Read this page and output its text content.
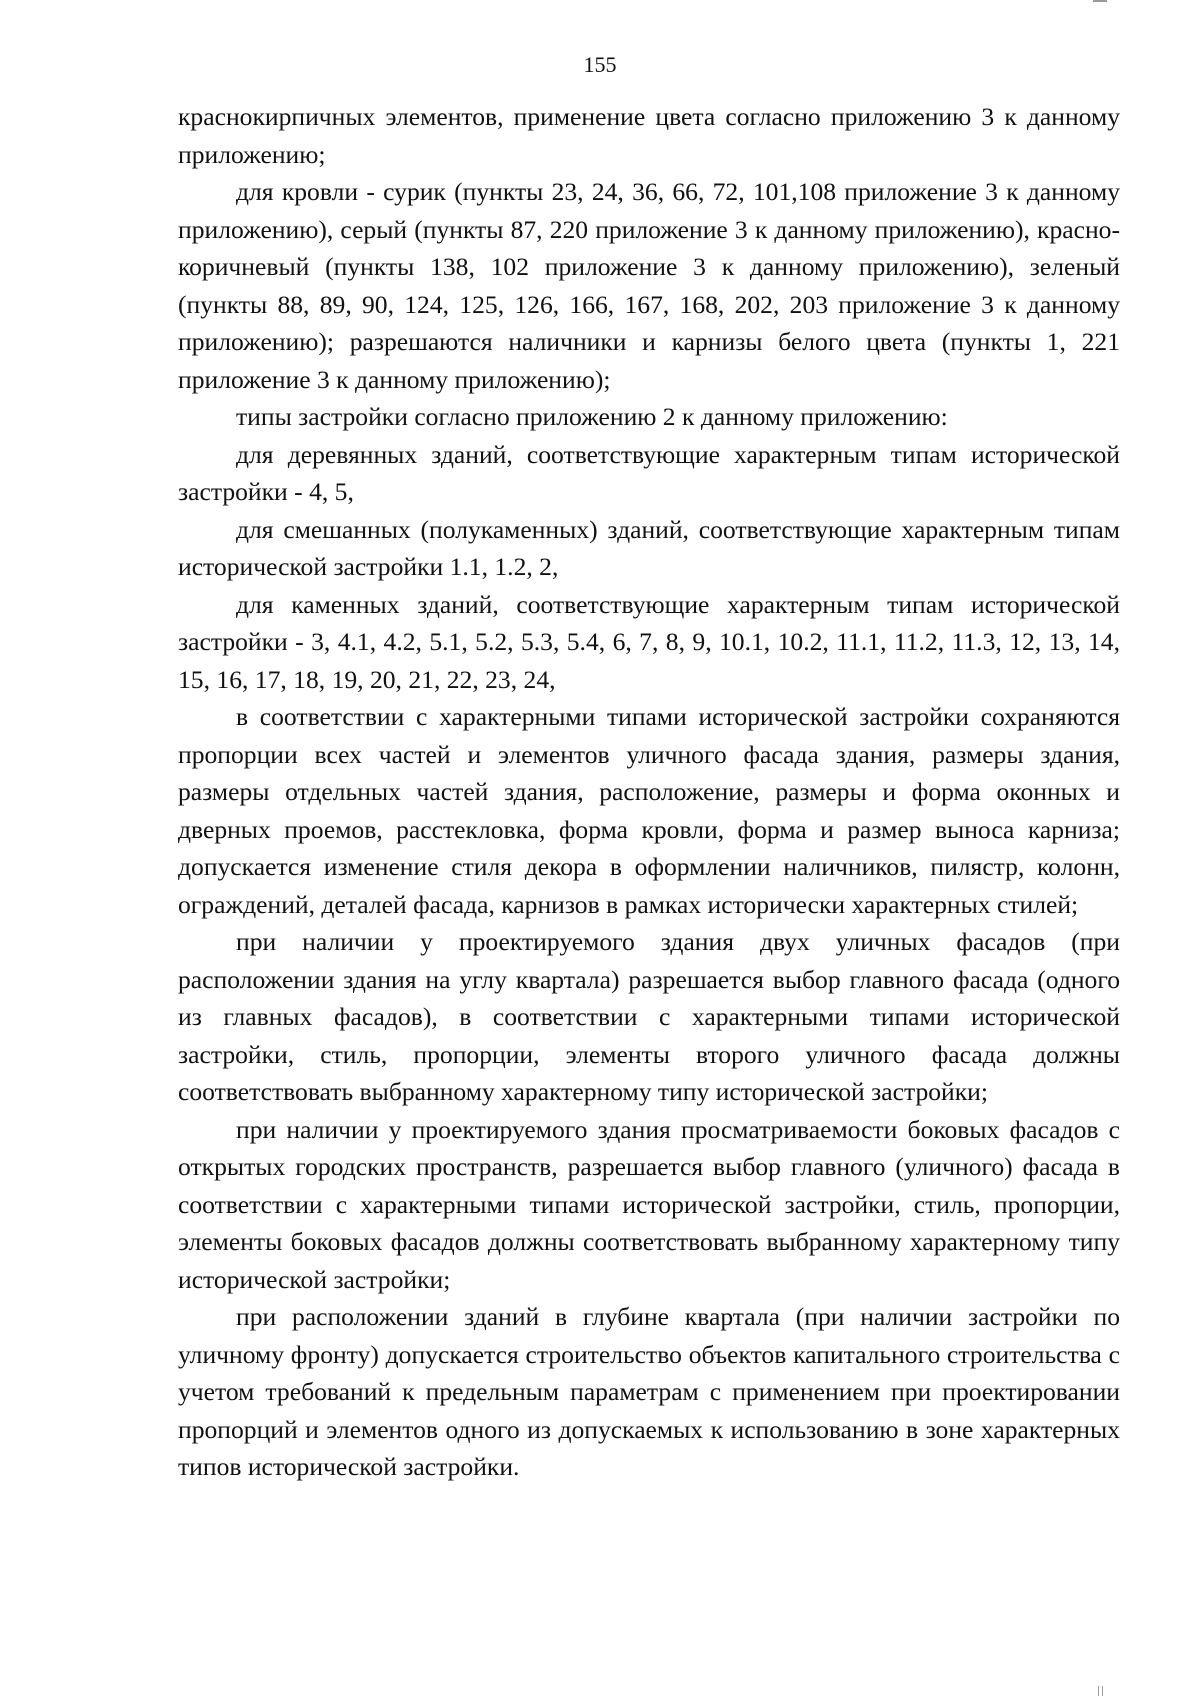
155

краснокирпичных элементов, применение цвета согласно приложению 3 к данному приложению;

для кровли - сурик (пункты 23, 24, 36, 66, 72, 101,108 приложение 3 к данному приложению), серый (пункты 87, 220 приложение 3 к данному приложению), красно-коричневый (пункты 138, 102 приложение 3 к данному приложению), зеленый (пункты 88, 89, 90, 124, 125, 126, 166, 167, 168, 202, 203 приложение 3 к данному приложению); разрешаются наличники и карнизы белого цвета (пункты 1, 221 приложение 3 к данному приложению);

типы застройки согласно приложению 2 к данному приложению:

для деревянных зданий, соответствующие характерным типам исторической застройки - 4, 5,

для смешанных (полукаменных) зданий, соответствующие характерным типам исторической застройки 1.1, 1.2, 2,

для каменных зданий, соответствующие характерным типам исторической застройки - 3, 4.1, 4.2, 5.1, 5.2, 5.3, 5.4, 6, 7, 8, 9, 10.1, 10.2, 11.1, 11.2, 11.3, 12, 13, 14, 15, 16, 17, 18, 19, 20, 21, 22, 23, 24,

в соответствии с характерными типами исторической застройки сохраняются пропорции всех частей и элементов уличного фасада здания, размеры здания, размеры отдельных частей здания, расположение, размеры и форма оконных и дверных проемов, расстекловка, форма кровли, форма и размер выноса карниза; допускается изменение стиля декора в оформлении наличников, пилястр, колонн, ограждений, деталей фасада, карнизов в рамках исторически характерных стилей;

при наличии у проектируемого здания двух уличных фасадов (при расположении здания на углу квартала) разрешается выбор главного фасада (одного из главных фасадов), в соответствии с характерными типами исторической застройки, стиль, пропорции, элементы второго уличного фасада должны соответствовать выбранному характерному типу исторической застройки;

при наличии у проектируемого здания просматриваемости боковых фасадов с открытых городских пространств, разрешается выбор главного (уличного) фасада в соответствии с характерными типами исторической застройки, стиль, пропорции, элементы боковых фасадов должны соответствовать выбранному характерному типу исторической застройки;

при расположении зданий в глубине квартала (при наличии застройки по уличному фронту) допускается строительство объектов капитального строительства с учетом требований к предельным параметрам с применением при проектировании пропорций и элементов одного из допускаемых к использованию в зоне характерных типов исторической застройки.
